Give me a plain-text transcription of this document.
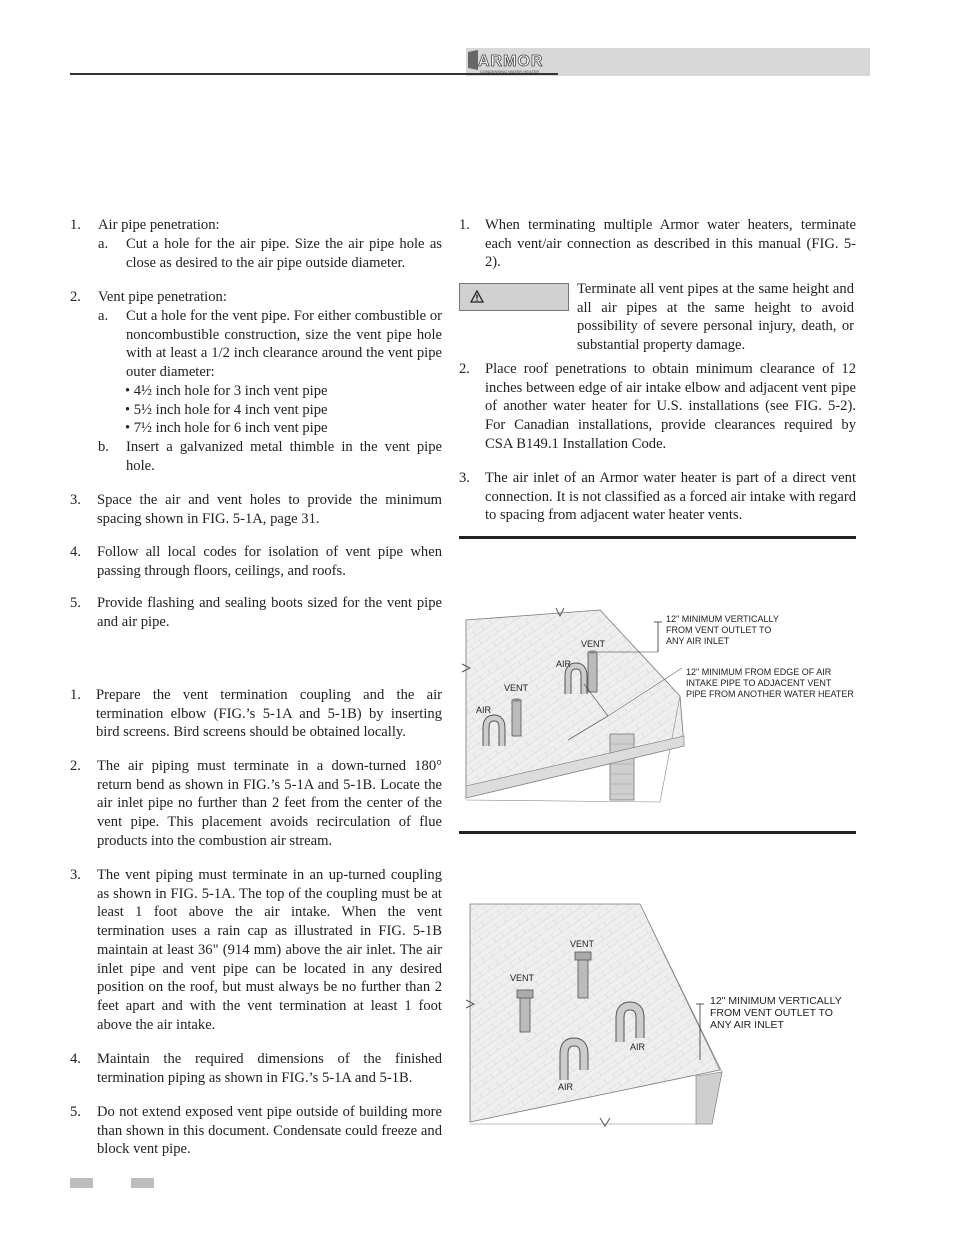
ARMOR
CONDENSING WATER HEATER
1. Air pipe penetration:
a. Cut a hole for the air pipe. Size the air pipe hole as close as desired to the air pipe outside diameter.
2. Vent pipe penetration:
a. Cut a hole for the vent pipe. For either combustible or noncombustible construction, size the vent pipe hole with at least a 1/2 inch clearance around the vent pipe outer diameter:
• 4½ inch hole for 3 inch vent pipe
• 5½ inch hole for 4 inch vent pipe
• 7½ inch hole for 6 inch vent pipe
b. Insert a galvanized metal thimble in the vent pipe hole.
3. Space the air and vent holes to provide the minimum spacing shown in FIG. 5-1A, page 31.
4. Follow all local codes for isolation of vent pipe when passing through floors, ceilings, and roofs.
5. Provide flashing and sealing boots sized for the vent pipe and air pipe.
1. Prepare the vent termination coupling and the air termination elbow (FIG.’s 5-1A and 5-1B) by inserting bird screens. Bird screens should be obtained locally.
2. The air piping must terminate in a down-turned 180° return bend as shown in FIG.’s 5-1A and 5-1B. Locate the air inlet pipe no further than 2 feet from the center of the vent pipe. This placement avoids recirculation of flue products into the combustion air stream.
3. The vent piping must terminate in an up-turned coupling as shown in FIG. 5-1A. The top of the coupling must be at least 1 foot above the air intake. When the vent termination uses a rain cap as illustrated in FIG. 5-1B maintain at least 36" (914 mm) above the air inlet. The air inlet pipe and vent pipe can be located in any desired position on the roof, but must always be no further than 2 feet apart and with the vent termination at least 1 foot above the air intake.
4. Maintain the required dimensions of the finished termination piping as shown in FIG.’s 5-1A and 5-1B.
5. Do not extend exposed vent pipe outside of building more than shown in this document. Condensate could freeze and block vent pipe.
1. When terminating multiple Armor water heaters, terminate each vent/air connection as described in this manual (FIG. 5-2).
Terminate all vent pipes at the same height and all air pipes at the same height to avoid possibility of severe personal injury, death, or substantial property damage.
2. Place roof penetrations to obtain minimum clearance of 12 inches between edge of air intake elbow and adjacent vent pipe of another water heater for U.S. installations (see FIG. 5-2). For Canadian installations, provide clearances required by CSA B149.1 Installation Code.
3. The air inlet of an Armor water heater is part of a direct vent connection. It is not classified as a forced air intake with regard to spacing from adjacent water heater vents.
VENT
AIR
VENT
AIR
12" MINIMUM VERTICALLY FROM VENT OUTLET TO ANY AIR INLET
12" MINIMUM FROM EDGE OF AIR INTAKE PIPE TO ADJACENT VENT PIPE FROM ANOTHER WATER HEATER
VENT
VENT
AIR
AIR
12" MINIMUM VERTICALLY FROM VENT OUTLET TO ANY AIR INLET
